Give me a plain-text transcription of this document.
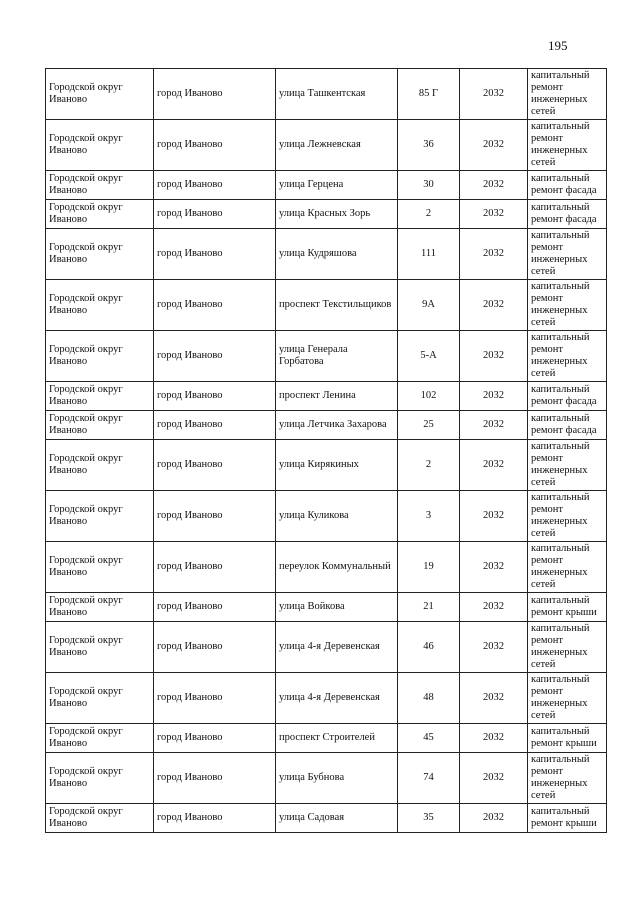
195
Городской округ Иваново	город Иваново	улица Ташкентская	85 Г	2032	капитальный ремонт инженерных сетей
Городской округ Иваново	город Иваново	улица Лежневская	36	2032	капитальный ремонт инженерных сетей
Городской округ Иваново	город Иваново	улица Герцена	30	2032	капитальный ремонт фасада
Городской округ Иваново	город Иваново	улица Красных Зорь	2	2032	капитальный ремонт фасада
Городской округ Иваново	город Иваново	улица Кудряшова	111	2032	капитальный ремонт инженерных сетей
Городской округ Иваново	город Иваново	проспект Текстильщиков	9А	2032	капитальный ремонт инженерных сетей
Городской округ Иваново	город Иваново	улица Генерала Горбатова	5-А	2032	капитальный ремонт инженерных сетей
Городской округ Иваново	город Иваново	проспект Ленина	102	2032	капитальный ремонт фасада
Городской округ Иваново	город Иваново	улица Летчика Захарова	25	2032	капитальный ремонт фасада
Городской округ Иваново	город Иваново	улица Кирякиных	2	2032	капитальный ремонт инженерных сетей
Городской округ Иваново	город Иваново	улица Куликова	3	2032	капитальный ремонт инженерных сетей
Городской округ Иваново	город Иваново	переулок Коммунальный	19	2032	капитальный ремонт инженерных сетей
Городской округ Иваново	город Иваново	улица Войкова	21	2032	капитальный ремонт крыши
Городской округ Иваново	город Иваново	улица 4-я Деревенская	46	2032	капитальный ремонт инженерных сетей
Городской округ Иваново	город Иваново	улица 4-я Деревенская	48	2032	капитальный ремонт инженерных сетей
Городской округ Иваново	город Иваново	проспект Строителей	45	2032	капитальный ремонт крыши
Городской округ Иваново	город Иваново	улица Бубнова	74	2032	капитальный ремонт инженерных сетей
Городской округ Иваново	город Иваново	улица Садовая	35	2032	капитальный ремонт крыши
